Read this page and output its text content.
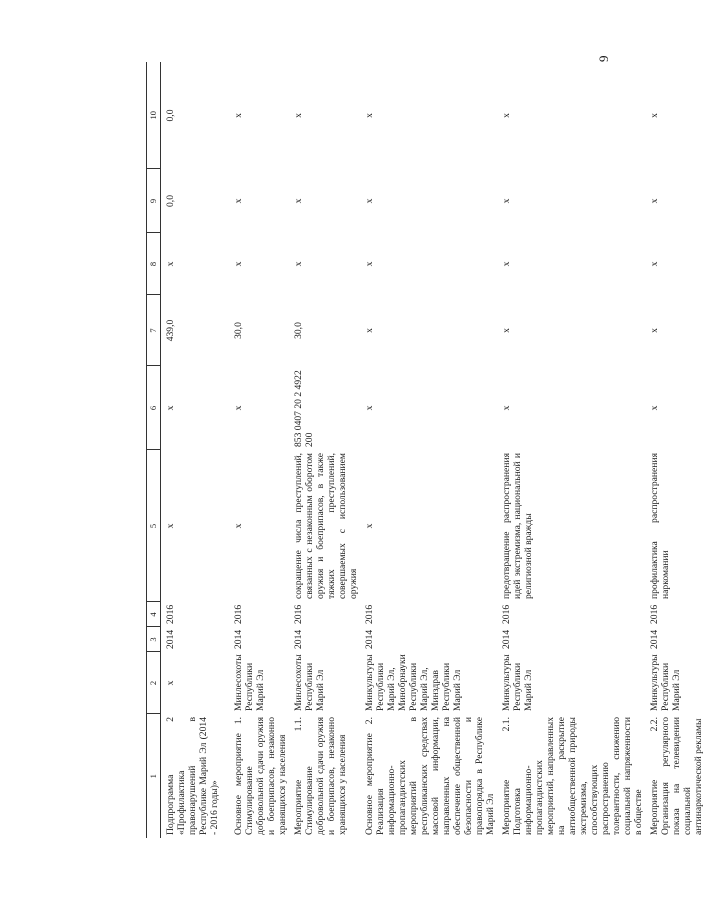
9
1	2	3	4	5	6	7	8	9	10
Подпрограмма 2 «Профилактика правонарушений в Республике Марий Эл (2014 - 2016 годы)»	х	2014	2016	х	х	439,0	х	0,0	0,0
Основное мероприятие 1. Стимулирование добровольной сдачи оружия и боеприпасов, незаконно хранящихся у населения	Минлесохоты Республики Марий Эл	2014	2016	х	х	30,0	х	х	х
Мероприятие 1.1. Стимулирование добровольной сдачи оружия и боеприпасов, незаконно хранящихся у населения	Минлесохоты Республики Марий Эл	2014	2016	сокращение числа преступлений, связанных с незаконным оборотом оружия и боеприпасов, в также тяжких преступлений, совершаемых с использованием оружия	853 0407 20 2 4922 200	30,0	х	х	х
Основное мероприятие 2. Реализация информационно-пропагандистских мероприятий в республиканских средствах массовой информации, направленных на обеспечение общественной безопасности и правопорядка в Республике Марий Эл	Минкультуры Республики Марий Эл, Минобрнауки Республики Марий Эл, Минздрав Республики Марий Эл	2014	2016	х	х	х	х	х	х
Мероприятие 2.1. Подготовка информационно-пропагандистских мероприятий, направленных на раскрытие антиобщественной природы экстремизма, способствующих распространению толерантности, снижению социальной напряженности в обществе	Минкультуры Республики Марий Эл	2014	2016	предотвращение распространения идей экстремизма, национальной и религиозной вражды	х	х	х	х	х
Мероприятие 2.2. Организация регулярного показа на телевидении социальной антинаркотической рекламы	Минкультуры Республики Марий Эл	2014	2016	профилактика распространения наркомании	х	х	х	х	х
